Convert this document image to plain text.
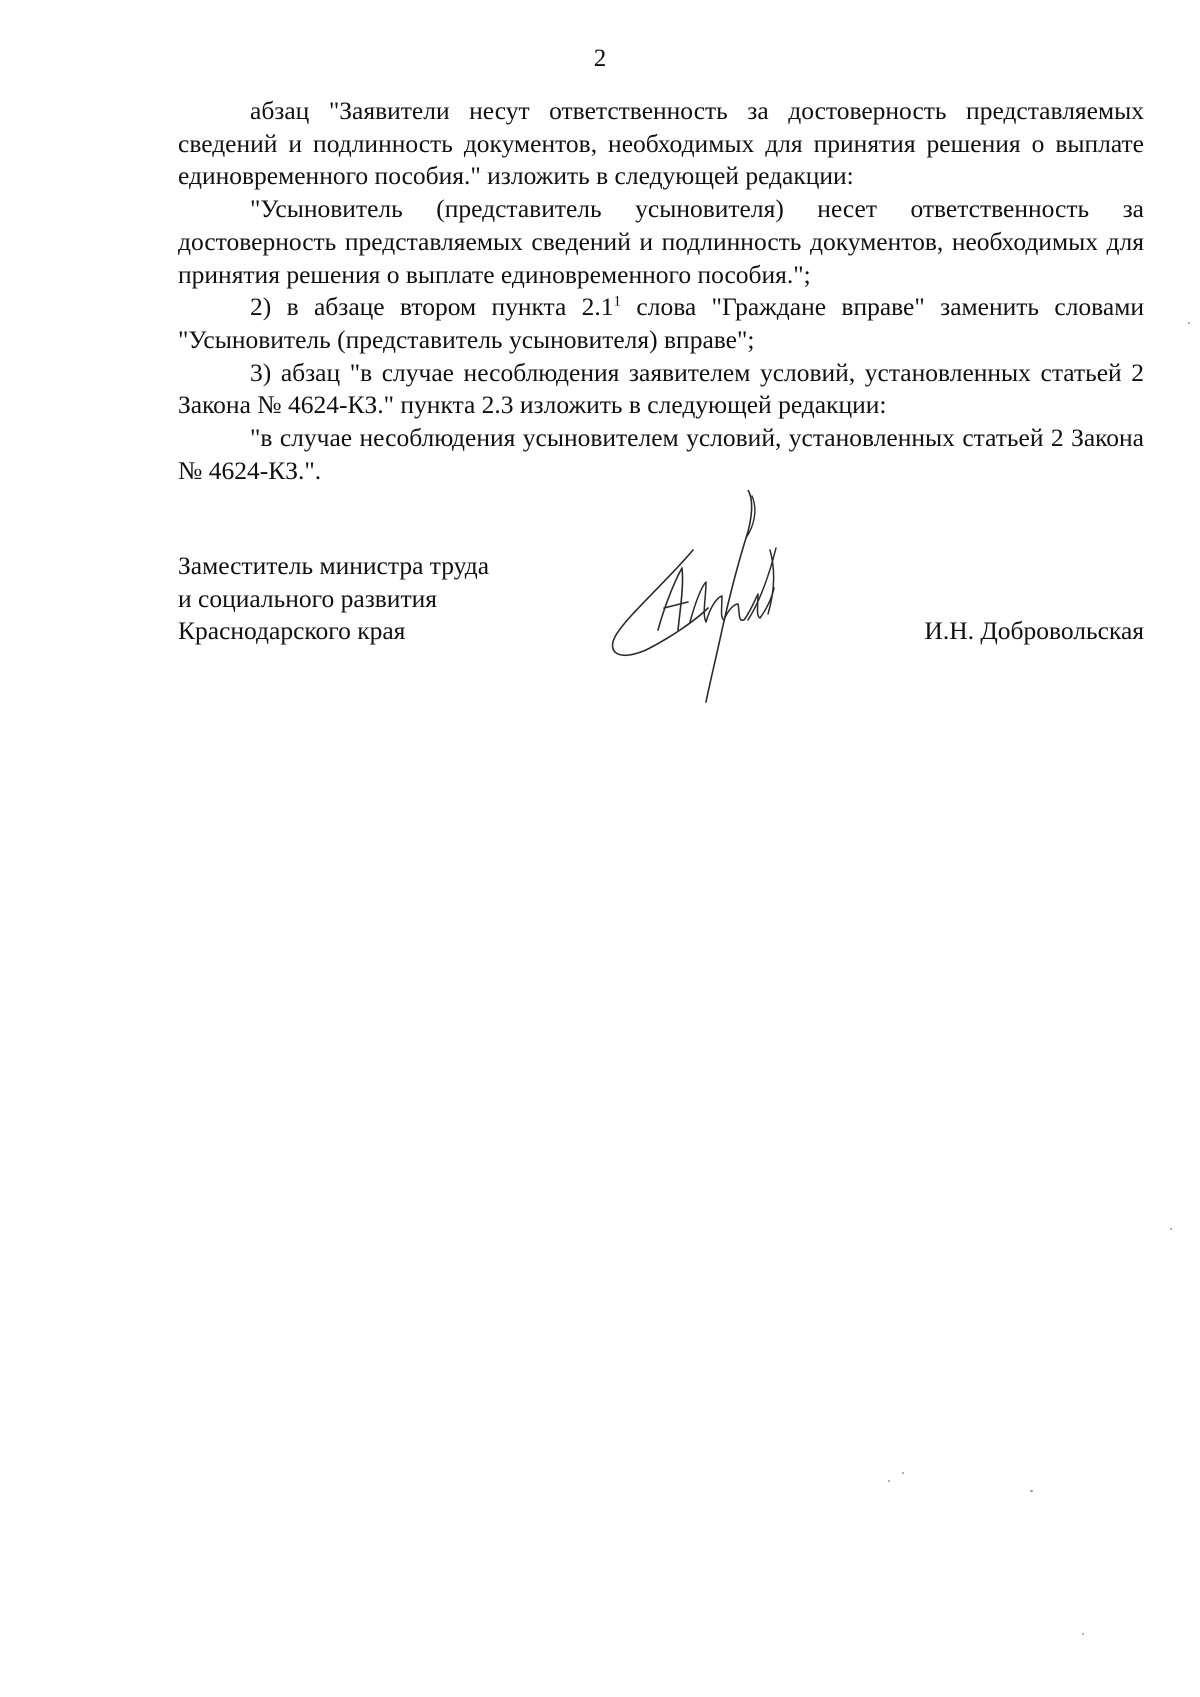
2

абзац "Заявители несут ответственность за достоверность представляемых сведений и подлинность документов, необходимых для принятия решения о выплате единовременного пособия." изложить в следующей редакции:

"Усыновитель (представитель усыновителя) несет ответственность за достоверность представляемых сведений и подлинность документов, необходимых для принятия решения о выплате единовременного пособия.";

2) в абзаце втором пункта $2.1^1$ слова "Граждане вправе" заменить словами "Усыновитель (представитель усыновителя) вправе";

3) абзац "в случае несоблюдения заявителем условий, установленных статьей 2 Закона № 4624-КЗ." пункта 2.3 изложить в следующей редакции:

"в случае несоблюдения усыновителем условий, установленных статьей 2 Закона № 4624-КЗ.".

Заместитель министра труда
и социального развития
Краснодарского края	И.Н. Добровольская
